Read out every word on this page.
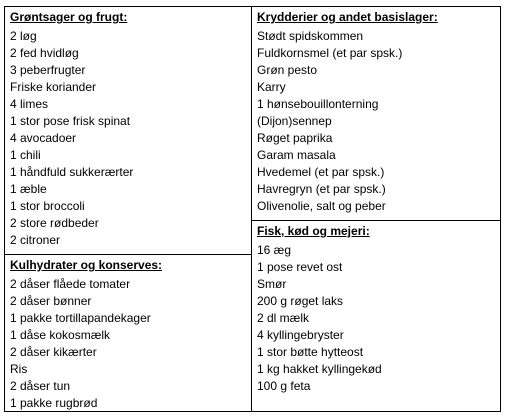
Grøntsager og frugt:
2 løg
2 fed hvidløg
3 peberfrugter
Friske koriander
4 limes
1 stor pose frisk spinat
4 avocadoer
1 chili
1 håndfuld sukkerærter
1 æble
1 stor broccoli
2 store rødbeder
2 citroner
Kulhydrater og konserves:
2 dåser flåede tomater
2 dåser bønner
1 pakke tortillapandekager
1 dåse kokosmælk
2 dåser kikærter
Ris
2 dåser tun
1 pakke rugbrød
Krydderier og andet basislager:
Stødt spidskommen
Fuldkornsmel (et par spsk.)
Grøn pesto
Karry
1 hønsebouillonterning
(Dijon)sennep
Røget paprika
Garam masala
Hvedemel (et par spsk.)
Havregryn (et par spsk.)
Olivenolie, salt og peber
Fisk, kød og mejeri:
16 æg
1 pose revet ost
Smør
200 g røget laks
2 dl mælk
4 kyllingebryster
1 stor bøtte hytteost
1 kg hakket kyllingekød
100 g feta
